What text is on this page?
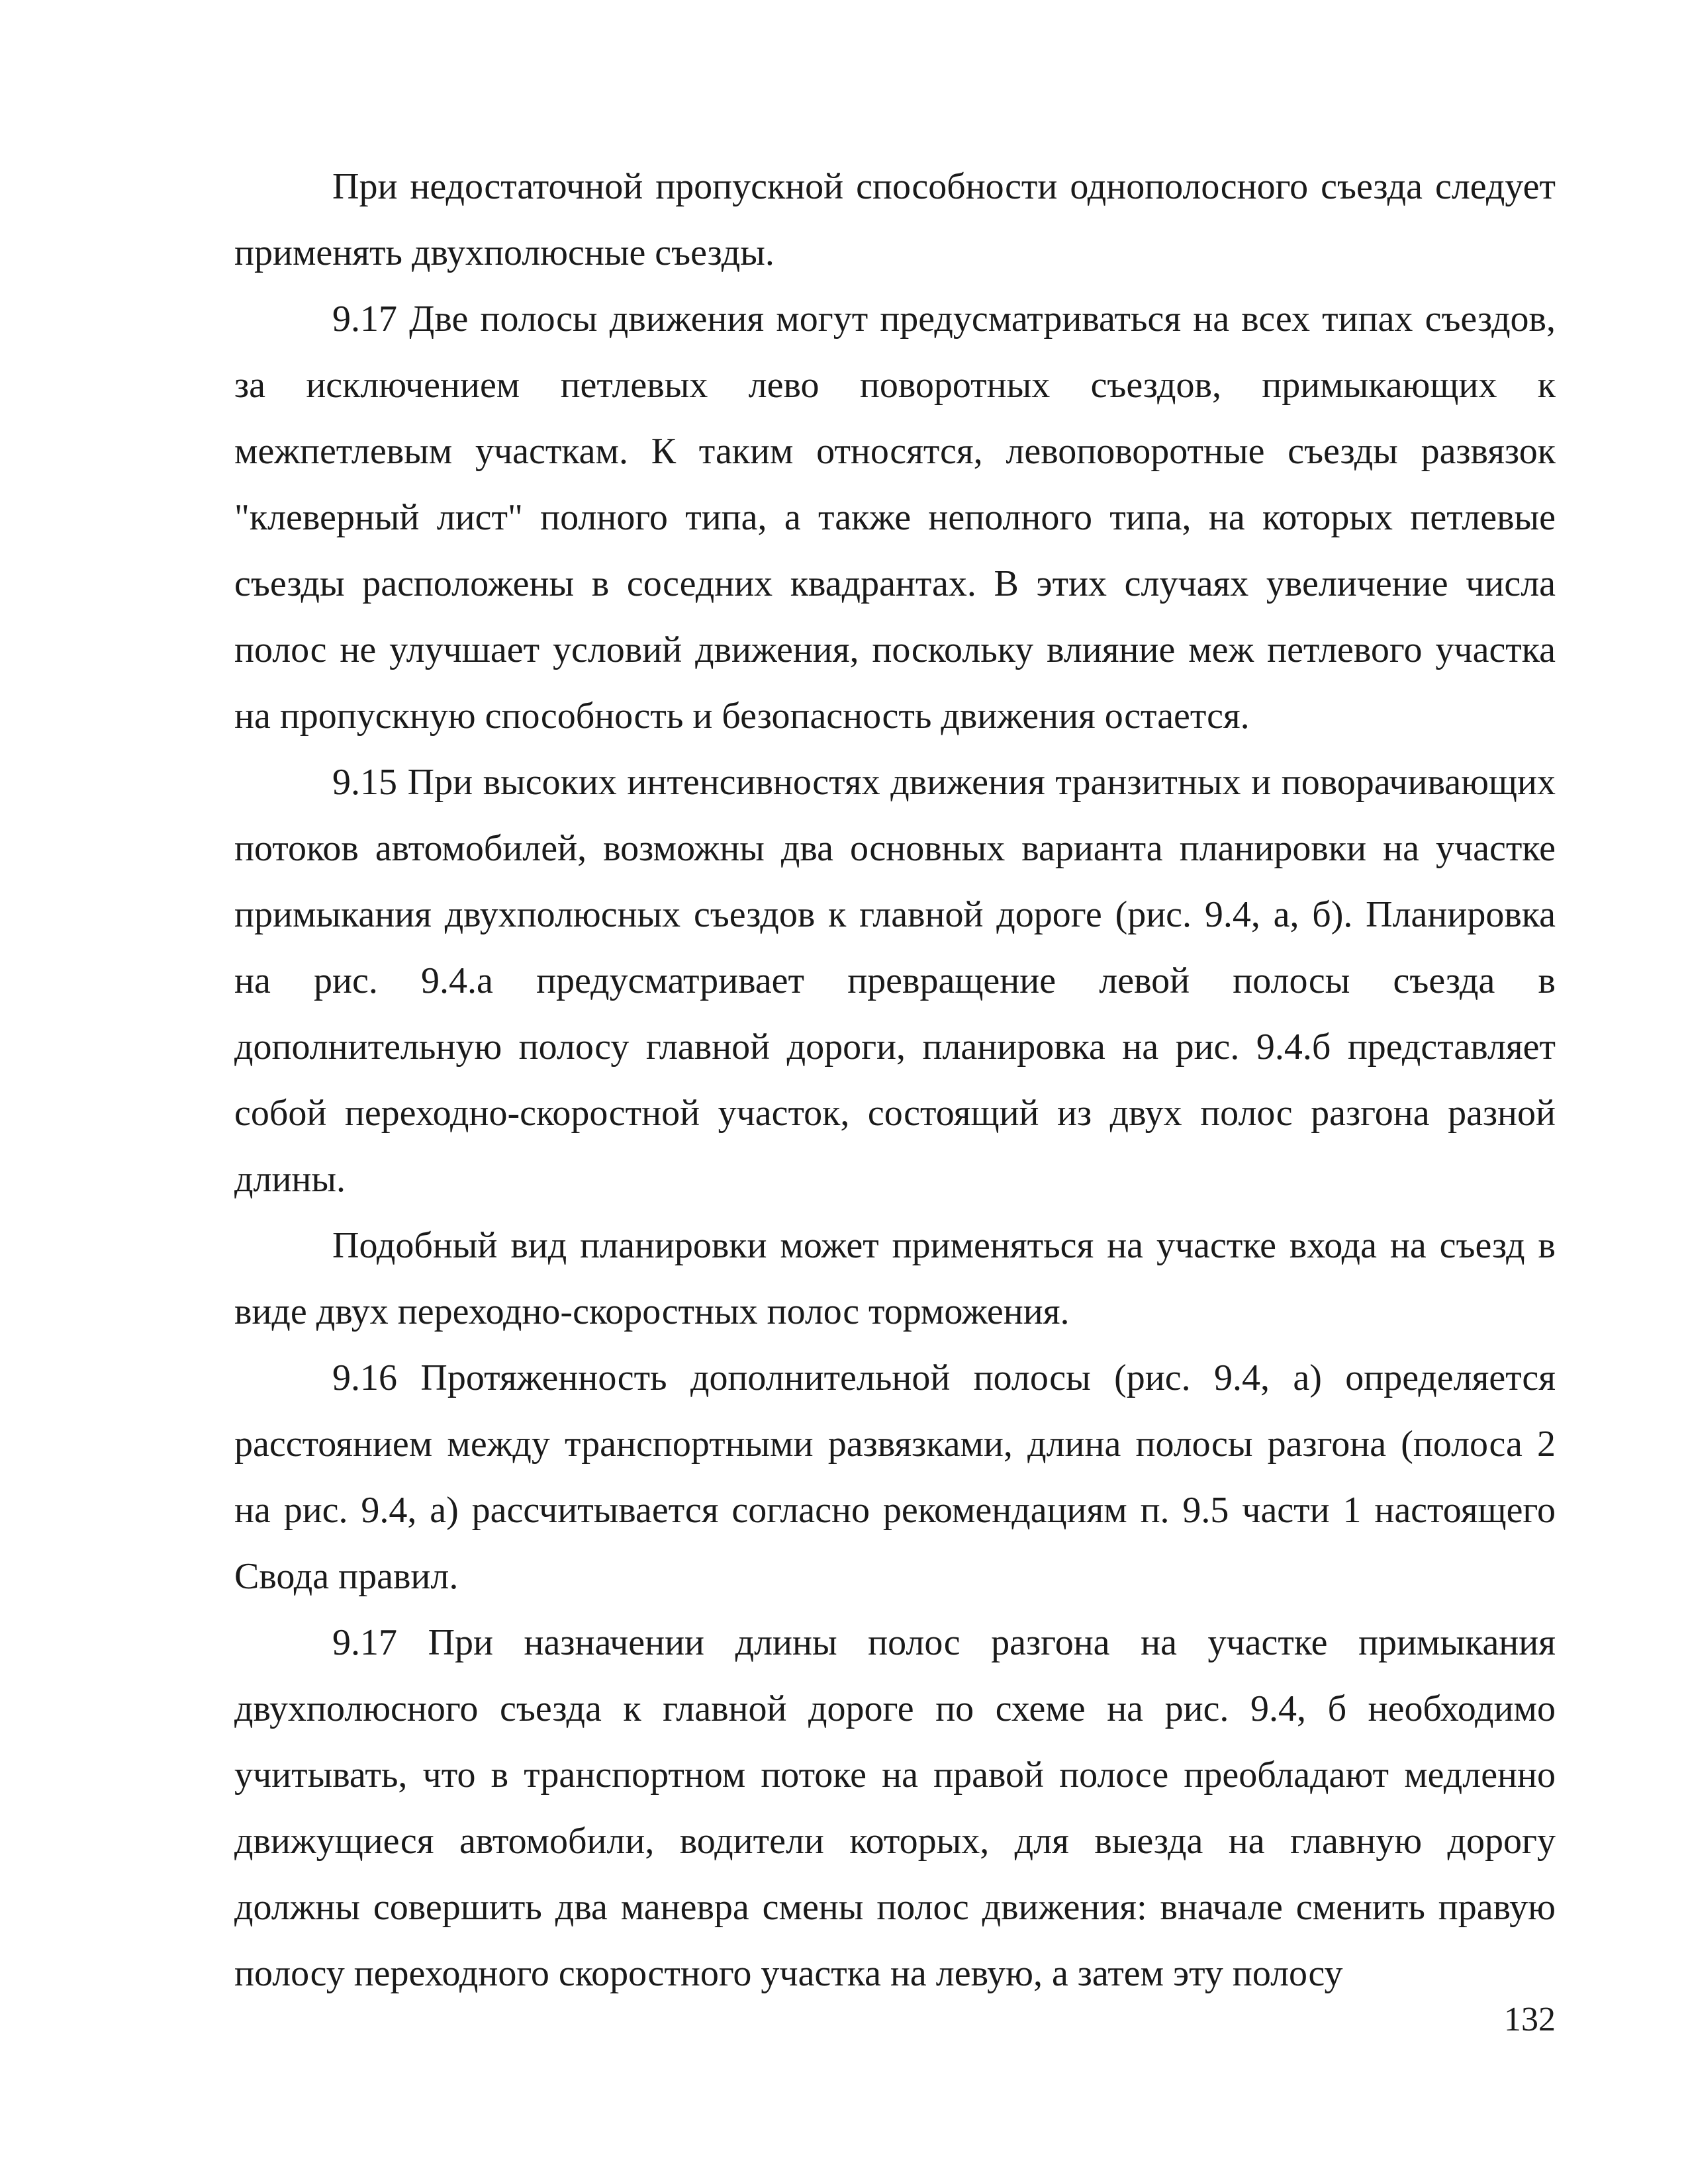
При недостаточной пропускной способности однополосного съезда следует применять двухполюсные съезды.

9.17 Две полосы движения могут предусматриваться на всех типах съездов, за исключением петлевых лево поворотных съездов, примыкающих к межпетлевым участкам. К таким относятся, левоповоротные съезды развязок "клеверный лист" полного типа, а также неполного типа, на которых петлевые съезды расположены в соседних квадрантах. В этих случаях увеличение числа полос не улучшает условий движения, поскольку влияние меж петлевого участка на пропускную способность и безопасность движения остается.

9.15 При высоких интенсивностях движения транзитных и поворачивающих потоков автомобилей, возможны два основных варианта планировки на участке примыкания двухполюсных съездов к главной дороге (рис. 9.4, а, б). Планировка на рис. 9.4.а предусматривает превращение левой полосы съезда в дополнительную полосу главной дороги, планировка на рис. 9.4.б представляет собой переходно-скоростной участок, состоящий из двух полос разгона разной длины.

Подобный вид планировки может применяться на участке входа на съезд в виде двух переходно-скоростных полос торможения.

9.16 Протяженность дополнительной полосы (рис. 9.4, а) определяется расстоянием между транспортными развязками, длина полосы разгона (полоса 2 на рис. 9.4, а) рассчитывается согласно рекомендациям п. 9.5 части 1 настоящего Свода правил.

9.17 При назначении длины полос разгона на участке примыкания двухполюсного съезда к главной дороге по схеме на рис. 9.4, б необходимо учитывать, что в транспортном потоке на правой полосе преобладают медленно движущиеся автомобили, водители которых, для выезда на главную дорогу должны совершить два маневра смены полос движения: вначале сменить правую полосу переходного скоростного участка на левую, а затем эту полосу

132
